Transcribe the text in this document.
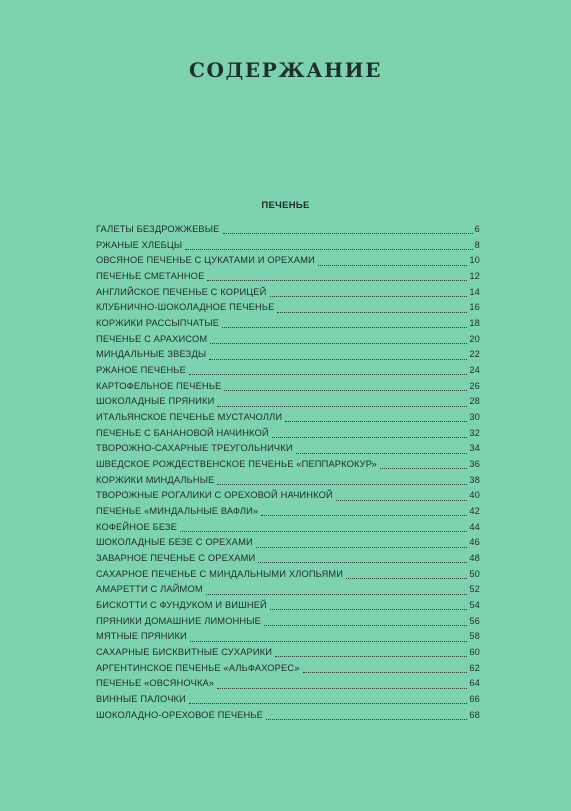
СОДЕРЖАНИЕ
ПЕЧЕНЬЕ
ГАЛЕТЫ БЕЗДРОЖЖЕВЫЕ	6
РЖАНЫЕ ХЛЕБЦЫ	8
ОВСЯНОЕ ПЕЧЕНЬЕ С ЦУКАТАМИ И ОРЕХАМИ	10
ПЕЧЕНЬЕ СМЕТАННОЕ	12
АНГЛИЙСКОЕ ПЕЧЕНЬЕ С КОРИЦЕЙ	14
КЛУБНИЧНО-ШОКОЛАДНОЕ ПЕЧЕНЬЕ	16
КОРЖИКИ РАССЫПЧАТЫЕ	18
ПЕЧЕНЬЕ С АРАХИСОМ	20
МИНДАЛЬНЫЕ ЗВЕЗДЫ	22
РЖАНОЕ ПЕЧЕНЬЕ	24
КАРТОФЕЛЬНОЕ ПЕЧЕНЬЕ	26
ШОКОЛАДНЫЕ ПРЯНИКИ	28
ИТАЛЬЯНСКОЕ ПЕЧЕНЬЕ МУСТАЧОЛЛИ	30
ПЕЧЕНЬЕ С БАНАНОВОЙ НАЧИНКОЙ	32
ТВОРОЖНО-САХАРНЫЕ ТРЕУГОЛЬНИЧКИ	34
ШВЕДСКОЕ РОЖДЕСТВЕНСКОЕ ПЕЧЕНЬЕ «ПЕППАРКОКУР»	36
КОРЖИКИ МИНДАЛЬНЫЕ	38
ТВОРОЖНЫЕ РОГАЛИКИ С ОРЕХОВОЙ НАЧИНКОЙ	40
ПЕЧЕНЬЕ «МИНДАЛЬНЫЕ ВАФЛИ»	42
КОФЕЙНОЕ БЕЗЕ	44
ШОКОЛАДНЫЕ БЕЗЕ С ОРЕХАМИ	46
ЗАВАРНОЕ ПЕЧЕНЬЕ С ОРЕХАМИ	48
САХАРНОЕ ПЕЧЕНЬЕ С МИНДАЛЬНЫМИ ХЛОПЬЯМИ	50
АМАРЕТТИ С ЛАЙМОМ	52
БИСКОТТИ С ФУНДУКОМ И ВИШНЕЙ	54
ПРЯНИКИ ДОМАШНИЕ ЛИМОННЫЕ	56
МЯТНЫЕ ПРЯНИКИ	58
САХАРНЫЕ БИСКВИТНЫЕ СУХАРИКИ	60
АРГЕНТИНСКОЕ ПЕЧЕНЬЕ «АЛЬФАХОРЕС»	62
ПЕЧЕНЬЕ «ОВСЯНОЧКА»	64
ВИННЫЕ ПАЛОЧКИ	66
ШОКОЛАДНО-ОРЕХОВОЕ ПЕЧЕНЬЕ	68
